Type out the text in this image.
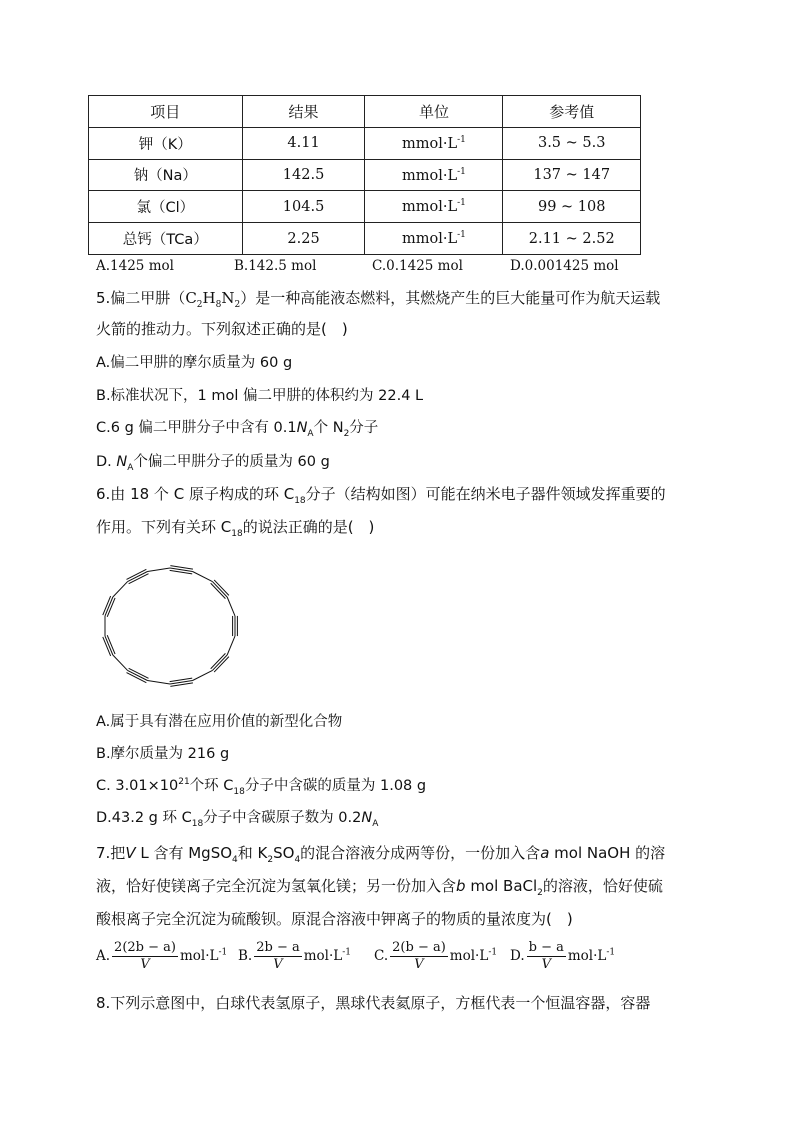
项目	结果	单位	参考值
钾（K）	4.11	$mmol\cdot L^{-1}$	3.5 ~ 5.3
钠（Na）	142.5	$mmol\cdot L^{-1}$	137 ~ 147
氯（Cl）	104.5	$mmol\cdot L^{-1}$	99 ~ 108
总钙（TCa）	2.25	$mmol\cdot L^{-1}$	2.11 ~ 2.52
A.1425 mol	B.142.5 mol	C.0.1425 mol	D.0.001425 mol
5.偏二甲肼$(C_2H_8N_2)$是一种高能液态燃料，其燃烧产生的巨大能量可作为航天运载
火箭的推动力。下列叙述正确的是(　)
A.偏二甲肼的摩尔质量为 60 g
B.标准状况下，1 mol 偏二甲肼的体积约为 22.4 L
C.6 g 偏二甲肼分子中含有 $0.1N_A$个 $N_2$分子
D. $N_A$个偏二甲肼分子的质量为 60 g
6.由 18 个 C 原子构成的环 $C_{18}$分子（结构如图）可能在纳米电子器件领域发挥重要的
作用。下列有关环 $C_{18}$的说法正确的是(　)
A.属于具有潜在应用价值的新型化合物
B.摩尔质量为 216 g
C. $3.01\times 10^{21}$个环 $C_{18}$分子中含碳的质量为 1.08 g
D.43.2 g 环 $C_{18}$分子中含碳原子数为 $0.2N_A$
7.把V L 含有 MgSO$_4$和 $K_2SO_4$的混合溶液分成两等份，一份加入含a mol NaOH 的溶
液，恰好使镁离子完全沉淀为氢氧化镁；另一份加入含b mol BaCl$_2$的溶液，恰好使硫
酸根离子完全沉淀为硫酸钡。原混合溶液中钾离子的物质的量浓度为(　)
A. $\frac{2(2b - a)}{V} mol\cdot L^{-1}$ B. $\frac{2b - a}{V} mol\cdot L^{-1}$ C. $\frac{2(b - a)}{V} mol\cdot L^{-1}$ D. $\frac{b - a}{V} mol\cdot L^{-1}$
8.下列示意图中，白球代表氢原子，黑球代表氦原子，方框代表一个恒温容器，容器
